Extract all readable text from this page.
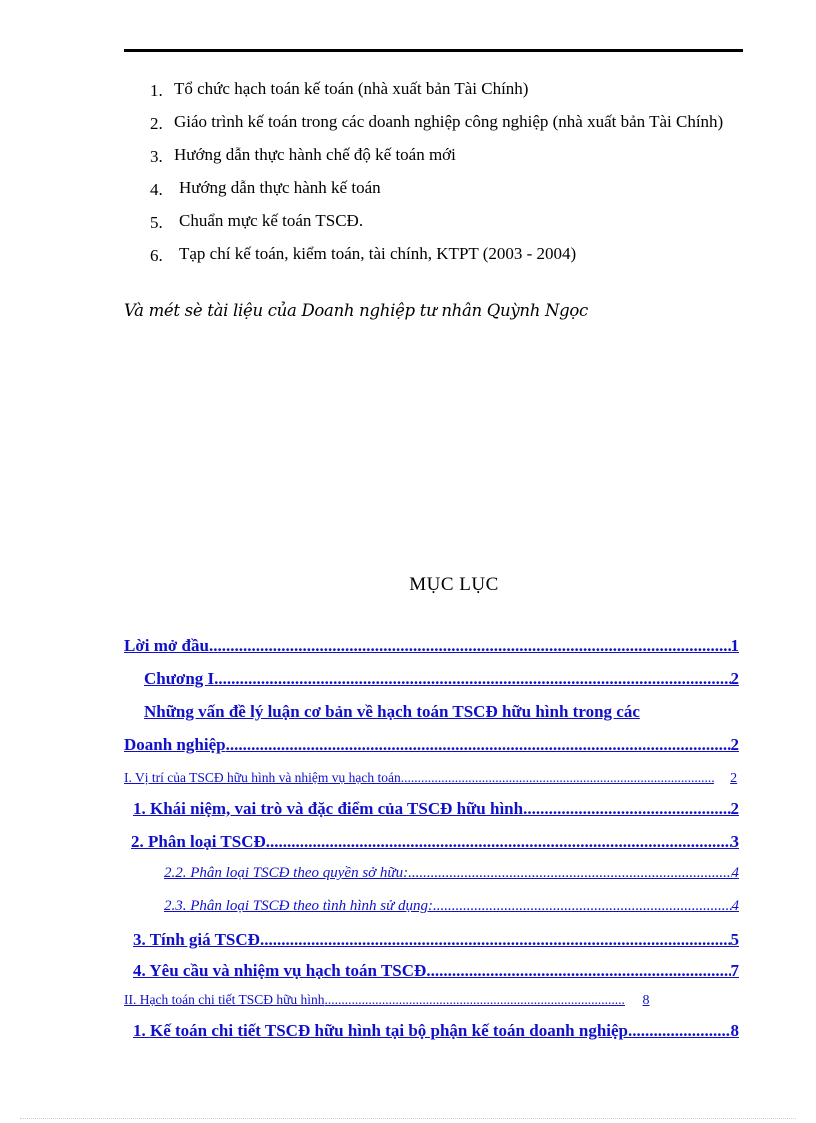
1. Tổ chức hạch toán kế toán (nhà xuất bản Tài Chính)
2. Giáo trình kế toán trong các doanh nghiệp công nghiệp (nhà xuất bản Tài Chính)
3. Hướng dẫn thực hành chế độ kế toán mới
4. Hướng dẫn thực hành kế toán
5. Chuẩn mực kế toán TSCĐ.
6. Tạp chí kế toán, kiểm toán, tài chính, KTPT (2003 - 2004)
Và mét sè tài liệu của Doanh nghiệp tư nhân Quỳnh Ngọc
MỤC LỤC
Lời mở đầu .....	1
Chương I .....	2
Những vấn đề lý luận cơ bản về hạch toán TSCĐ hữu hình trong các
Doanh nghiệp .....	2
I. Vị trí của TSCĐ hữu hình và nhiệm vụ hạch toán. .....	2
1. Khái niệm, vai trò và đặc điểm của TSCĐ hữu hình .....	2
2. Phân loại TSCĐ .....	3
2.2. Phân loại TSCĐ theo quyền sở hữu: .....	4
2.3. Phân loại TSCĐ theo tình hình sử dụng: .....	4
3. Tính giá TSCĐ .....	5
4. Yêu cầu và nhiệm vụ hạch toán TSCĐ .....	7
II. Hạch toán chi tiết TSCĐ hữu hình .....	8
1. Kế toán chi tiết TSCĐ hữu hình tại bộ phận kế toán doanh nghiệp .....	8
